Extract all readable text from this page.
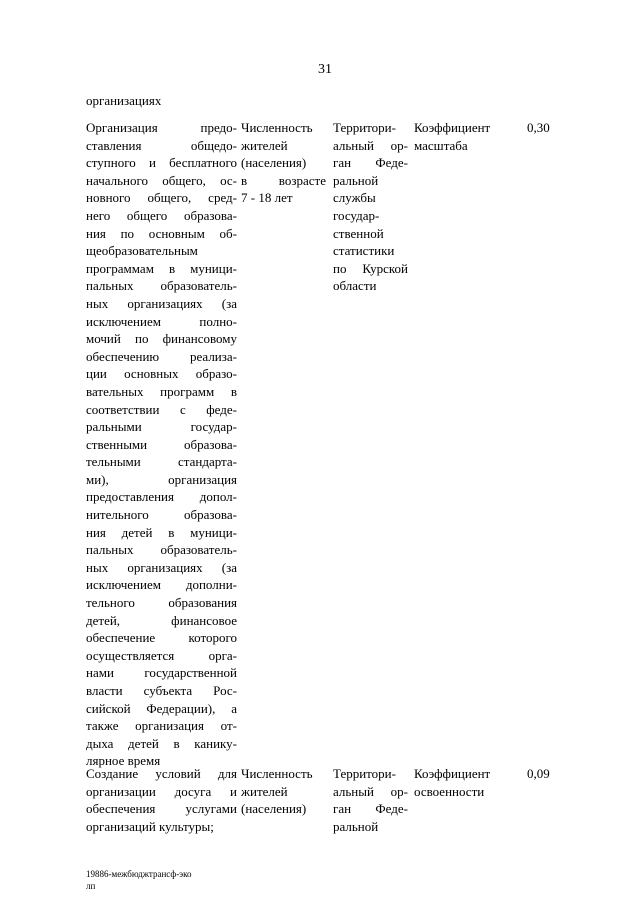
31
организациях
Организация предо-
ставления общедо-
ступного и бесплатного
начального общего, ос-
новного общего, сред-
него общего образова-
ния по основным об-
щеобразовательным
программам в муници-
пальных образователь-
ных организациях (за
исключением полно-
мочий по финансовому
обеспечению реализа-
ции основных образо-
вательных программ в
соответствии с феде-
ральными государ-
ственными образова-
тельными стандарта-
ми), организация
предоставления допол-
нительного образова-
ния детей в муници-
пальных образователь-
ных организациях (за
исключением дополни-
тельного образования
детей, финансовое
обеспечение которого
осуществляется орга-
нами государственной
власти субъекта Рос-
сийской Федерации), а
также организация от-
дыха детей в канику-
лярное время
Численность
жителей
(населения)
в возрасте
7 - 18 лет
Территори-
альный ор-
ган Феде-
ральной
службы
государ-
ственной
статистики
по Курской
области
Коэффициент
масштаба
0,30
Создание условий для
организации досуга и
обеспечения услугами
организаций культуры;
Численность
жителей
(населения)
Территори-
альный ор-
ган Феде-
ральной
Коэффициент
освоенности
0,09
19886-межбюджтрансф-эко
лп
